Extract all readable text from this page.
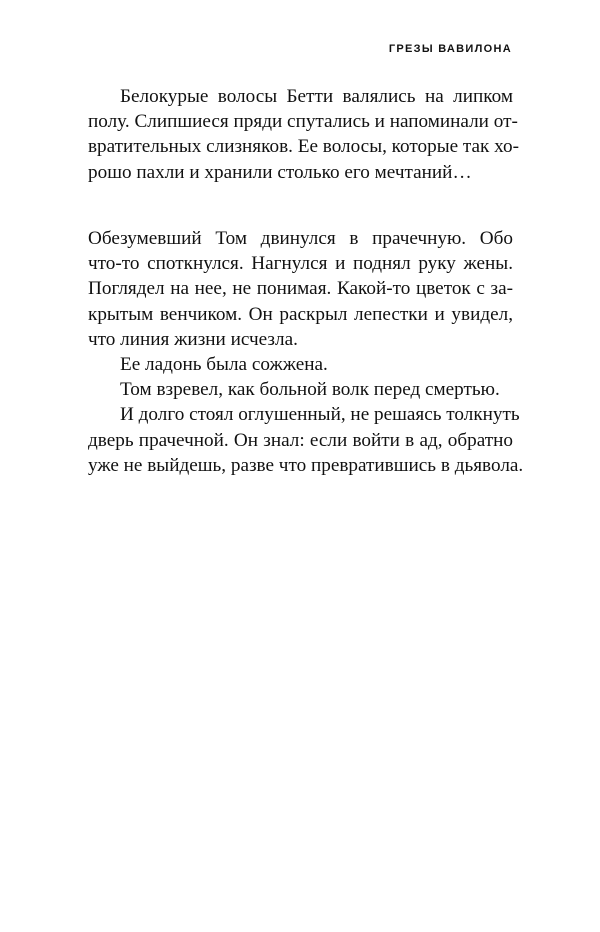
ГРЕЗЫ ВАВИЛОНА
Белокурые волосы Бетти валялись на липком
полу. Слипшиеся пряди спутались и напоминали от-
вратительных слизняков. Ее волосы, которые так хо-
рошо пахли и хранили столько его мечтаний…
Обезумевший Том двинулся в прачечную. Обо
что-то споткнулся. Нагнулся и поднял руку жены.
Поглядел на нее, не понимая. Какой-то цветок с за-
крытым венчиком. Он раскрыл лепестки и увидел,
что линия жизни исчезла.
Ее ладонь была сожжена.
Том взревел, как больной волк перед смертью.
И долго стоял оглушенный, не решаясь толкнуть
дверь прачечной. Он знал: если войти в ад, обратно
уже не выйдешь, разве что превратившись в дьявола.
